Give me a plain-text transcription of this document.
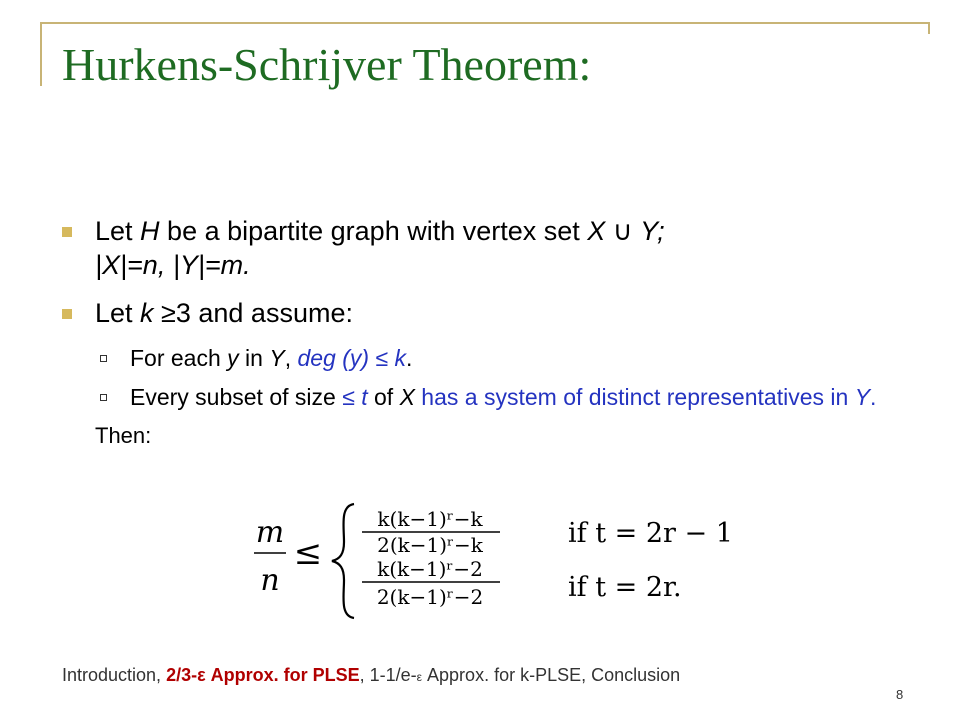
Hurkens-Schrijver Theorem:
Let H be a bipartite graph with vertex set X ∪ Y;
|X|=n, |Y|=m.
Let k ≥3 and assume:
For each y in Y, deg (y) ≤ k.
Every subset of size ≤ t of X has a system of distinct representatives in Y.
Then:
m
n
≤
k(k−1)ʳ−k
2(k−1)ʳ−k	if t = 2r − 1
k(k−1)ʳ−2
2(k−1)ʳ−2	if t = 2r.
Introduction, 2/3-ε Approx. for PLSE, 1-1/e-ε Approx. for k-PLSE, Conclusion
8
